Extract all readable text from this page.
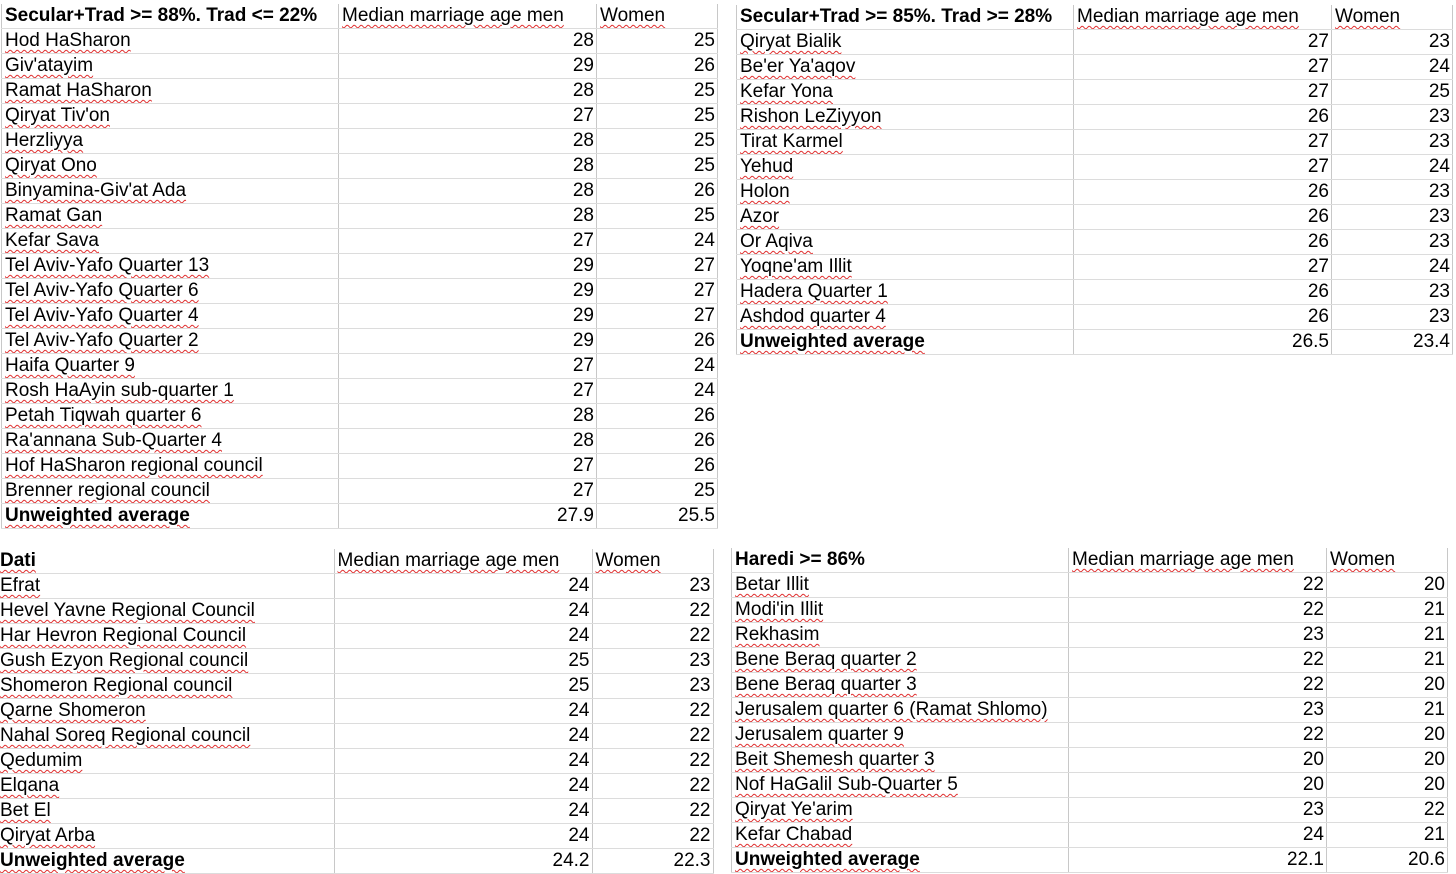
Secular+Trad >= 88%. Trad <= 22%	Median marriage age men	Women
Hod HaSharon	28	25
Giv'atayim	29	26
Ramat HaSharon	28	25
Qiryat Tiv'on	27	25
Herzliyya	28	25
Qiryat Ono	28	25
Binyamina-Giv'at Ada	28	26
Ramat Gan	28	25
Kefar Sava	27	24
Tel Aviv-Yafo Quarter 13	29	27
Tel Aviv-Yafo Quarter 6	29	27
Tel Aviv-Yafo Quarter 4	29	27
Tel Aviv-Yafo Quarter 2	29	26
Haifa Quarter 9	27	24
Rosh HaAyin sub-quarter 1	27	24
Petah Tiqwah quarter 6	28	26
Ra'annana Sub-Quarter 4	28	26
Hof HaSharon regional council	27	26
Brenner regional council	27	25
Unweighted average	27.9	25.5
Secular+Trad >= 85%. Trad >= 28%	Median marriage age men	Women
Qiryat Bialik	27	23
Be'er Ya'aqov	27	24
Kefar Yona	27	25
Rishon LeZiyyon	26	23
Tirat Karmel	27	23
Yehud	27	24
Holon	26	23
Azor	26	23
Or Aqiva	26	23
Yoqne'am Illit	27	24
Hadera Quarter 1	26	23
Ashdod quarter 4	26	23
Unweighted average	26.5	23.4
Dati	Median marriage age men	Women
Efrat	24	23
Hevel Yavne Regional Council	24	22
Har Hevron Regional Council	24	22
Gush Ezyon Regional council	25	23
Shomeron Regional council	25	23
Qarne Shomeron	24	22
Nahal Soreq Regional council	24	22
Qedumim	24	22
Elqana	24	22
Bet El	24	22
Qiryat Arba	24	22
Unweighted average	24.2	22.3
Haredi >= 86%	Median marriage age men	Women
Betar Illit	22	20
Modi'in Illit	22	21
Rekhasim	23	21
Bene Beraq quarter 2	22	21
Bene Beraq quarter 3	22	20
Jerusalem quarter 6 (Ramat Shlomo)	23	21
Jerusalem quarter 9	22	20
Beit Shemesh quarter 3	20	20
Nof HaGalil Sub-Quarter 5	20	20
Qiryat Ye'arim	23	22
Kefar Chabad	24	21
Unweighted average	22.1	20.6
